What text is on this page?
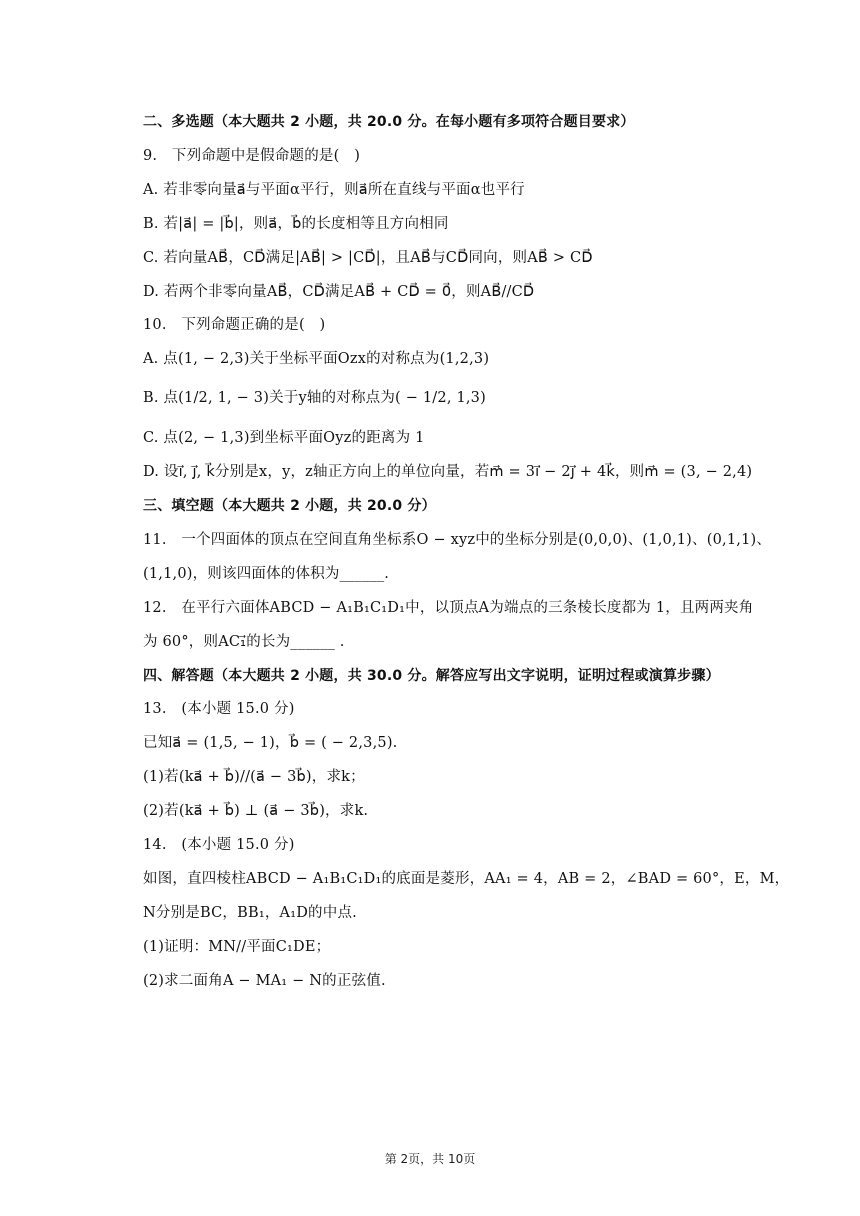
二、多选题（本大题共 2 小题，共 20.0 分。在每小题有多项符合题目要求）
9.　下列命题中是假命题的是(　)
A. 若非零向量a⃗与平面α平行，则a⃗所在直线与平面α也平行
B. 若|a⃗| = |b⃗|，则a⃗，b⃗的长度相等且方向相同
C. 若向量AB⃗，CD⃗满足|AB⃗| > |CD⃗|，且AB⃗与CD⃗同向，则AB⃗ > CD⃗
D. 若两个非零向量AB⃗，CD⃗满足AB⃗ + CD⃗ = 0⃗，则AB⃗//CD⃗
10.　下列命题正确的是(　)
A. 点(1, − 2,3)关于坐标平面Ozx的对称点为(1,2,3)
B. 点(1/2, 1, − 3)关于y轴的对称点为( − 1/2, 1,3)
C. 点(2, − 1,3)到坐标平面Oyz的距离为 1
D. 设i⃗, j⃗, k⃗分别是x，y，z轴正方向上的单位向量，若m⃗ = 3i⃗ − 2j⃗ + 4k⃗，则m⃗ = (3, − 2,4)
三、填空题（本大题共 2 小题，共 20.0 分）
11.　一个四面体的顶点在空间直角坐标系O − xyz中的坐标分别是(0,0,0)、(1,0,1)、(0,1,1)、
(1,1,0)，则该四面体的体积为______.
12.　在平行六面体ABCD − A₁B₁C₁D₁中，以顶点A为端点的三条棱长度都为 1，且两两夹角
为 60°，则AC₁⃗的长为______ .
四、解答题（本大题共 2 小题，共 30.0 分。解答应写出文字说明，证明过程或演算步骤）
13.　(本小题 15.0 分)
已知a⃗ = (1,5, − 1)，b⃗ = ( − 2,3,5).
(1)若(ka⃗ + b⃗)//(a⃗ − 3b⃗)，求k；
(2)若(ka⃗ + b⃗) ⊥ (a⃗ − 3b⃗)，求k.
14.　(本小题 15.0 分)
如图，直四棱柱ABCD − A₁B₁C₁D₁的底面是菱形，AA₁ = 4，AB = 2，∠BAD = 60°，E，M，
N分别是BC，BB₁，A₁D的中点.
(1)证明：MN//平面C₁DE；
(2)求二面角A − MA₁ − N的正弦值.
第 2页，共 10页
